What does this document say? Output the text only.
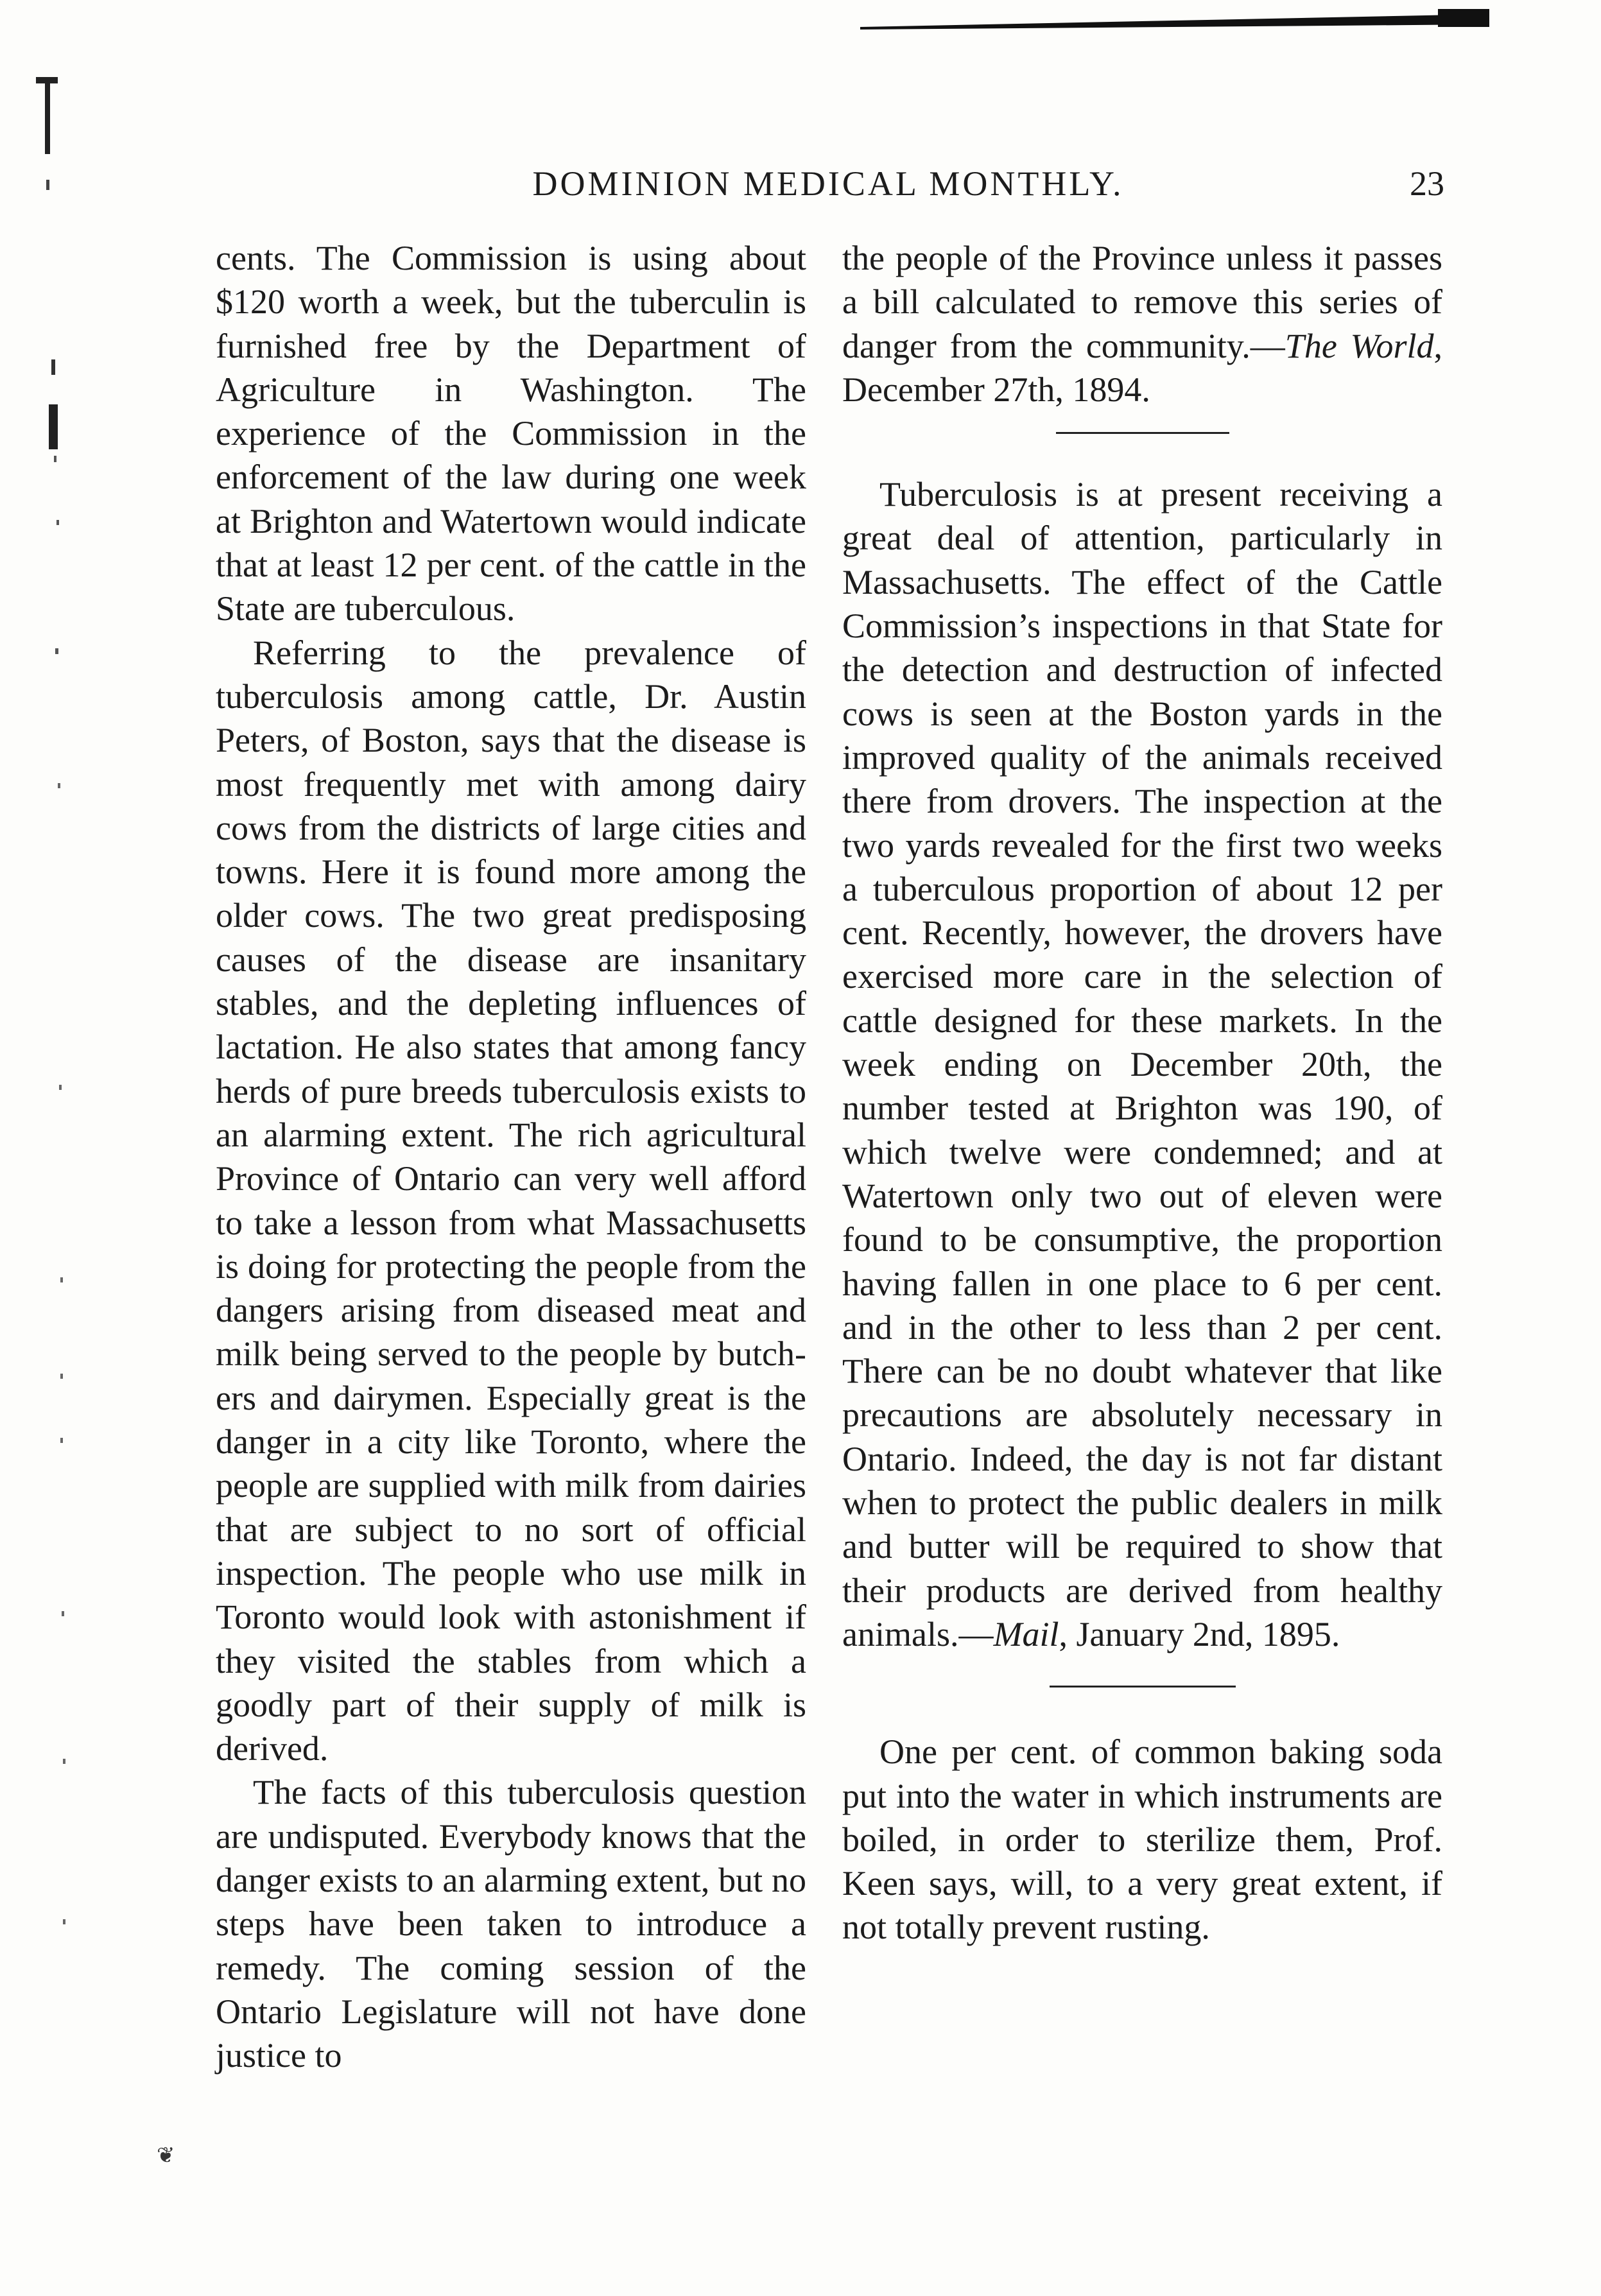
DOMINION MEDICAL MONTHLY.	23

cents. The Commission is using about $120 worth a week, but the tuberculin is furnished free by the Department of Agriculture in Washington. The experience of the Commission in the enforcement of the law during one week at Brighton and Watertown would indicate that at least 12 per cent. of the cattle in the State are tuberculous.

Referring to the prevalence of tuberculosis among cattle, Dr. Austin Peters, of Boston, says that the disease is most frequently met with among dairy cows from the districts of large cities and towns. Here it is found more among the older cows. The two great predisposing causes of the disease are insanitary stables, and the depleting influences of lactation. He also states that among fancy herds of pure breeds tuberculosis exists to an alarming extent. The rich agricultural Province of Ontario can very well afford to take a lesson from what Massachusetts is doing for protecting the people from the dangers arising from diseased meat and milk being served to the people by butchers and dairymen. Especially great is the danger in a city like Toronto, where the people are supplied with milk from dairies that are subject to no sort of official inspection. The people who use milk in Toronto would look with astonishment if they visited the stables from which a goodly part of their supply of milk is derived.

The facts of this tuberculosis question are undisputed. Everybody knows that the danger exists to an alarming extent, but no steps have been taken to introduce a remedy. The coming session of the Ontario Legislature will not have done justice to

the people of the Province unless it passes a bill calculated to remove this series of danger from the community.—The World, December 27th, 1894.

Tuberculosis is at present receiving a great deal of attention, particularly in Massachusetts. The effect of the Cattle Commission’s inspections in that State for the detection and destruction of infected cows is seen at the Boston yards in the improved quality of the animals received there from drovers. The inspection at the two yards revealed for the first two weeks a tuberculous proportion of about 12 per cent. Recently, however, the drovers have exercised more care in the selection of cattle designed for these markets. In the week ending on December 20th, the number tested at Brighton was 190, of which twelve were condemned; and at Watertown only two out of eleven were found to be consumptive, the proportion having fallen in one place to 6 per cent. and in the other to less than 2 per cent. There can be no doubt whatever that like precautions are absolutely necessary in Ontario. Indeed, the day is not far distant when to protect the public dealers in milk and butter will be required to show that their products are derived from healthy animals.—Mail, January 2nd, 1895.

One per cent. of common baking soda put into the water in which instruments are boiled, in order to sterilize them, Prof. Keen says, will, to a very great extent, if not totally prevent rusting.

❦
